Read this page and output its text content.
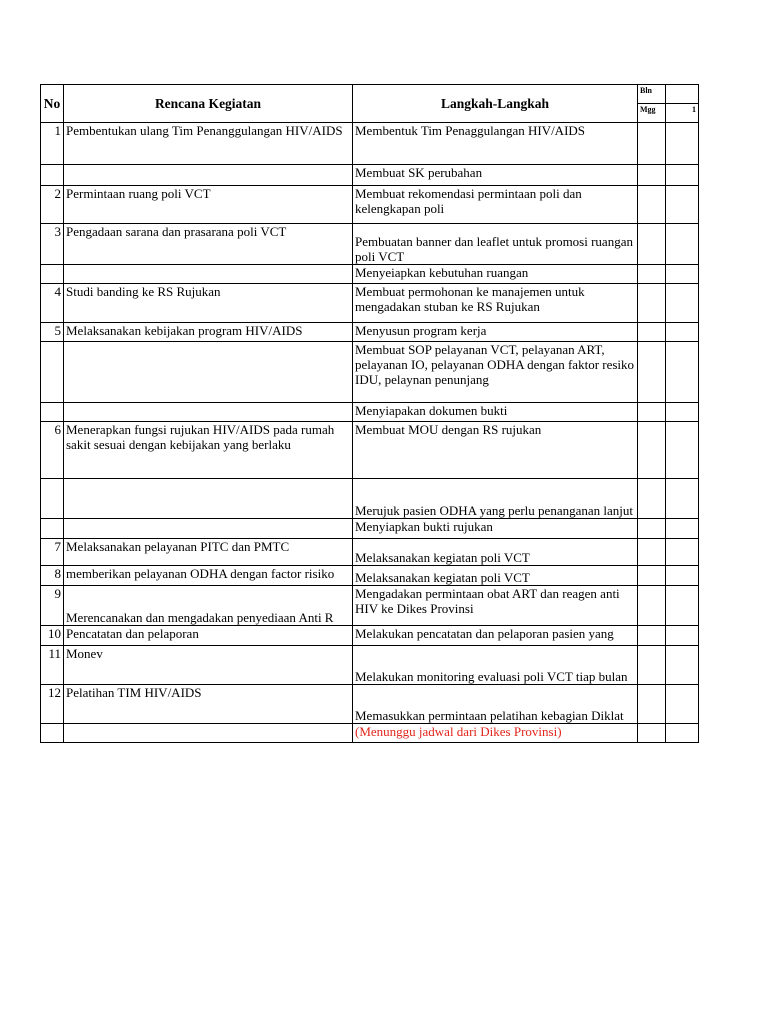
No	Rencana Kegiatan	Langkah-Langkah	Bln	
			Mgg	1
1	Pembentukan ulang Tim Penanggulangan HIV/AIDS	Membentuk Tim Penaggulangan HIV/AIDS		
		Membuat SK perubahan		
2	Permintaan ruang poli VCT	Membuat rekomendasi permintaan poli dan kelengkapan poli		
3	Pengadaan sarana dan prasarana poli VCT	Pembuatan banner dan leaflet untuk promosi ruangan poli VCT		
		Menyeiapkan kebutuhan ruangan		
4	Studi banding ke RS Rujukan	Membuat permohonan ke manajemen untuk mengadakan stuban ke RS Rujukan		
5	Melaksanakan kebijakan program HIV/AIDS	Menyusun program kerja		
		Membuat SOP pelayanan VCT, pelayanan ART, pelayanan IO, pelayanan ODHA dengan faktor resiko IDU, pelaynan penunjang		
		Menyiapakan dokumen bukti		
6	Menerapkan fungsi rujukan HIV/AIDS pada rumah sakit sesuai dengan kebijakan yang berlaku	Membuat MOU dengan RS rujukan		
		Merujuk pasien ODHA yang perlu penanganan lanjut		
		Menyiapkan bukti rujukan		
7	Melaksanakan pelayanan PITC dan PMTC	Melaksanakan kegiatan poli VCT		
8	memberikan pelayanan ODHA dengan factor risiko	Melaksanakan kegiatan poli VCT		
9	Merencanakan dan mengadakan penyediaan Anti R	Mengadakan permintaan obat ART dan reagen anti HIV ke Dikes Provinsi		
10	Pencatatan dan pelaporan	Melakukan pencatatan dan pelaporan pasien yang		
11	Monev	Melakukan monitoring evaluasi poli VCT tiap bulan		
12	Pelatihan TIM HIV/AIDS	Memasukkan permintaan pelatihan kebagian Diklat		
		(Menunggu jadwal dari Dikes Provinsi)		
